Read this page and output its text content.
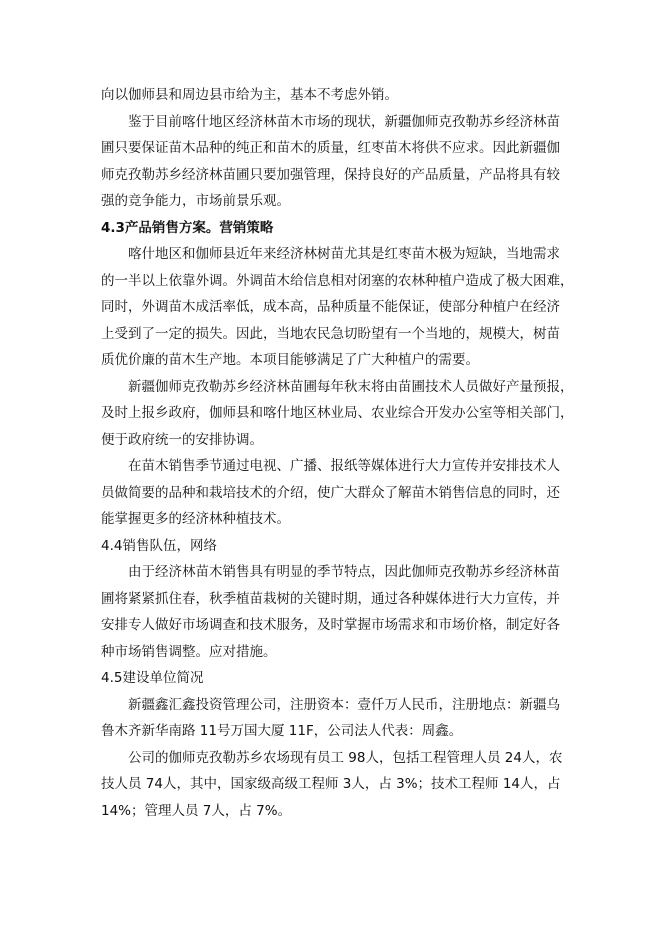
向以伽师县和周边县市给为主，基本不考虑外销。
鉴于目前喀什地区经济林苗木市场的现状，新疆伽师克孜勒苏乡经济林苗
圃只要保证苗木品种的纯正和苗木的质量，红枣苗木将供不应求。因此新疆伽
师克孜勒苏乡经济林苗圃只要加强管理，保持良好的产品质量，产品将具有较
强的竞争能力，市场前景乐观。
4.3产品销售方案。营销策略
喀什地区和伽师县近年来经济林树苗尤其是红枣苗木极为短缺，当地需求
的一半以上依靠外调。外调苗木给信息相对闭塞的农林种植户造成了极大困难，
同时，外调苗木成活率低，成本高，品种质量不能保证，使部分种植户在经济
上受到了一定的损失。因此，当地农民急切盼望有一个当地的，规模大，树苗
质优价廉的苗木生产地。本项目能够满足了广大种植户的需要。
新疆伽师克孜勒苏乡经济林苗圃每年秋末将由苗圃技术人员做好产量预报，
及时上报乡政府，伽师县和喀什地区林业局、农业综合开发办公室等相关部门，
便于政府统一的安排协调。
在苗木销售季节通过电视、广播、报纸等媒体进行大力宣传并安排技术人
员做简要的品种和栽培技术的介绍，使广大群众了解苗木销售信息的同时，还
能掌握更多的经济林种植技术。
4.4销售队伍，网络
由于经济林苗木销售具有明显的季节特点，因此伽师克孜勒苏乡经济林苗
圃将紧紧抓住春，秋季植苗栽树的关键时期，通过各种媒体进行大力宣传，并
安排专人做好市场调查和技术服务，及时掌握市场需求和市场价格，制定好各
种市场销售调整。应对措施。
4.5建设单位简况
新疆鑫汇鑫投资管理公司，注册资本：壹仟万人民币，注册地点：新疆乌
鲁木齐新华南路 11号万国大厦 11F，公司法人代表：周鑫。
公司的伽师克孜勒苏乡农场现有员工 98人，包括工程管理人员 24人，农
技人员 74人，其中，国家级高级工程师 3人，占 3%；技术工程师 14人，占
14%；管理人员 7人，占 7%。
